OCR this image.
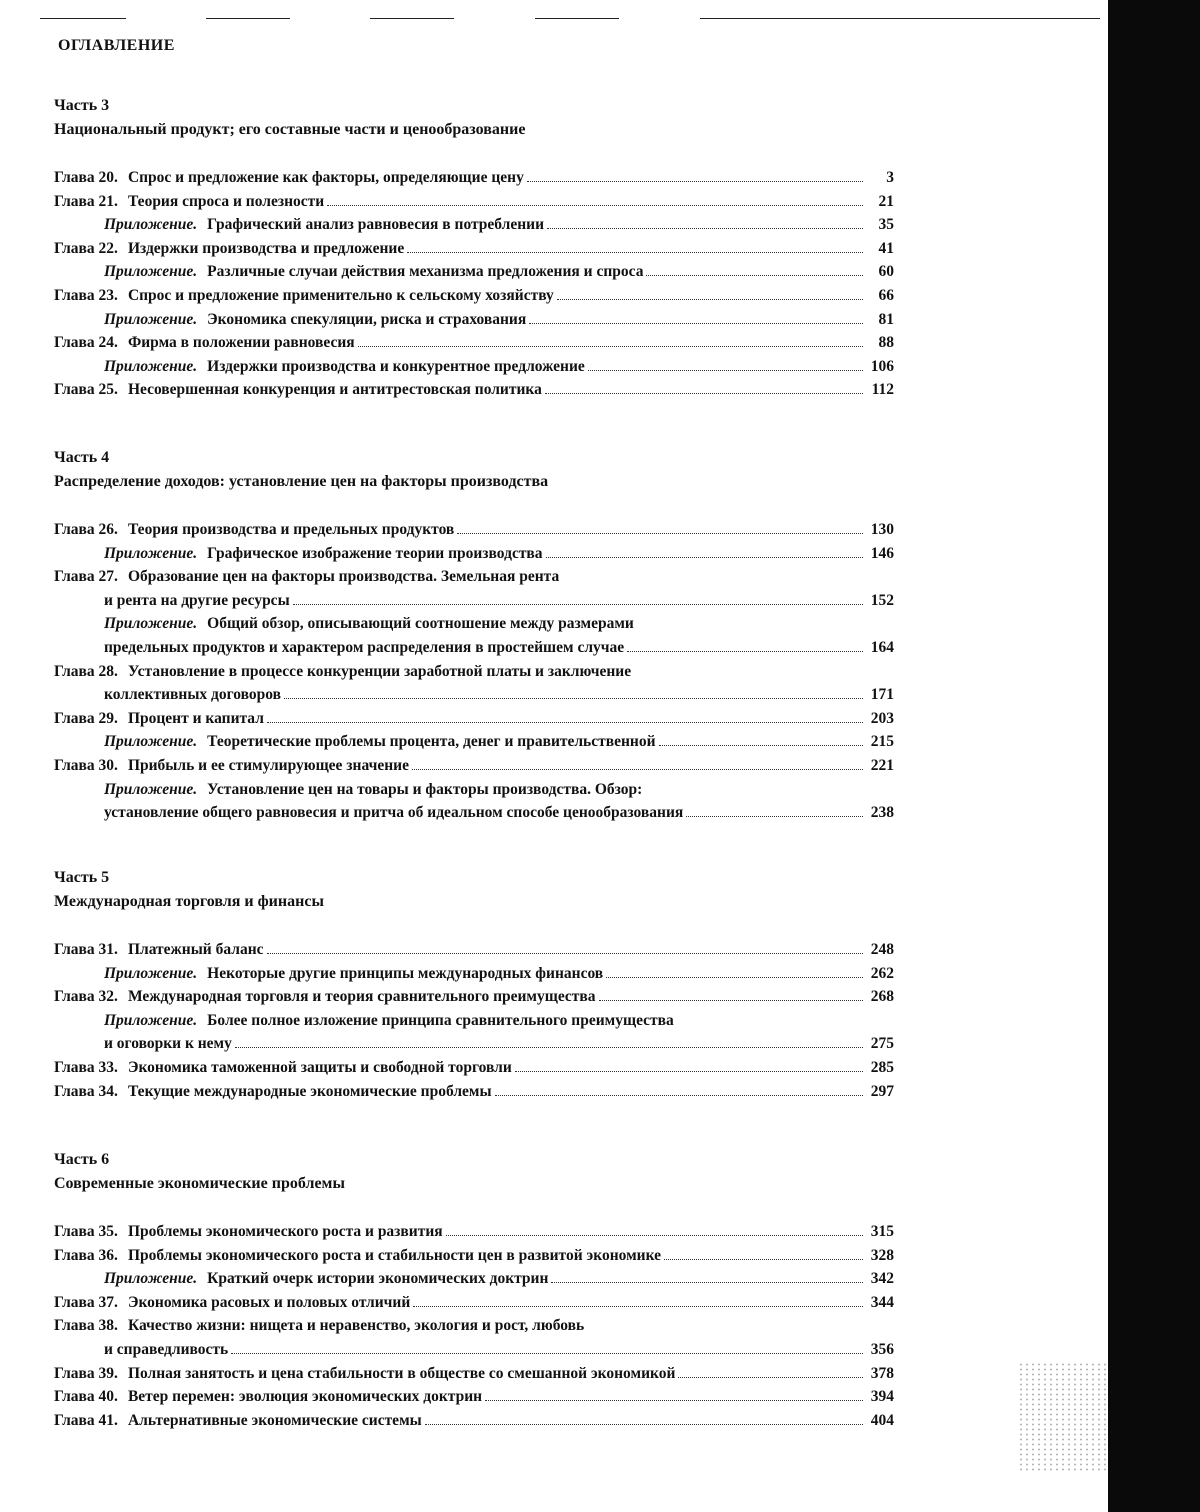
ОГЛАВЛЕНИЕ
Часть 3
Национальный продукт; его составные части и ценообразование
Глава 20. Спрос и предложение как факторы, определяющие цену	3
Глава 21. Теория спроса и полезности	21
Приложение. Графический анализ равновесия в потреблении	35
Глава 22. Издержки производства и предложение	41
Приложение. Различные случаи действия механизма предложения и спроса	60
Глава 23. Спрос и предложение применительно к сельскому хозяйству	66
Приложение. Экономика спекуляции, риска и страхования	81
Глава 24. Фирма в положении равновесия	88
Приложение. Издержки производства и конкурентное предложение	106
Глава 25. Несовершенная конкуренция и антитрестовская политика	112
Часть 4
Распределение доходов: установление цен на факторы производства
Глава 26. Теория производства и предельных продуктов	130
Приложение. Графическое изображение теории производства	146
Глава 27. Образование цен на факторы производства. Земельная рента
и рента на другие ресурсы	152
Приложение. Общий обзор, описывающий соотношение между размерами
предельных продуктов и характером распределения в простейшем случае	164
Глава 28. Установление в процессе конкуренции заработной платы и заключение
коллективных договоров	171
Глава 29. Процент и капитал	203
Приложение. Теоретические проблемы процента, денег и правительственной	215
Глава 30. Прибыль и ее стимулирующее значение	221
Приложение. Установление цен на товары и факторы производства. Обзор:
установление общего равновесия и притча об идеальном способе ценообразования	238
Часть 5
Международная торговля и финансы
Глава 31. Платежный баланс	248
Приложение. Некоторые другие принципы международных финансов	262
Глава 32. Международная торговля и теория сравнительного преимущества	268
Приложение. Более полное изложение принципа сравнительного преимущества
и оговорки к нему	275
Глава 33. Экономика таможенной защиты и свободной торговли	285
Глава 34. Текущие международные экономические проблемы	297
Часть 6
Современные экономические проблемы
Глава 35. Проблемы экономического роста и развития	315
Глава 36. Проблемы экономического роста и стабильности цен в развитой экономике	328
Приложение. Краткий очерк истории экономических доктрин	342
Глава 37. Экономика расовых и половых отличий	344
Глава 38. Качество жизни: нищета и неравенство, экология и рост, любовь
и справедливость	356
Глава 39. Полная занятость и цена стабильности в обществе со смешанной экономикой	378
Глава 40. Ветер перемен: эволюция экономических доктрин	394
Глава 41. Альтернативные экономические системы	404
